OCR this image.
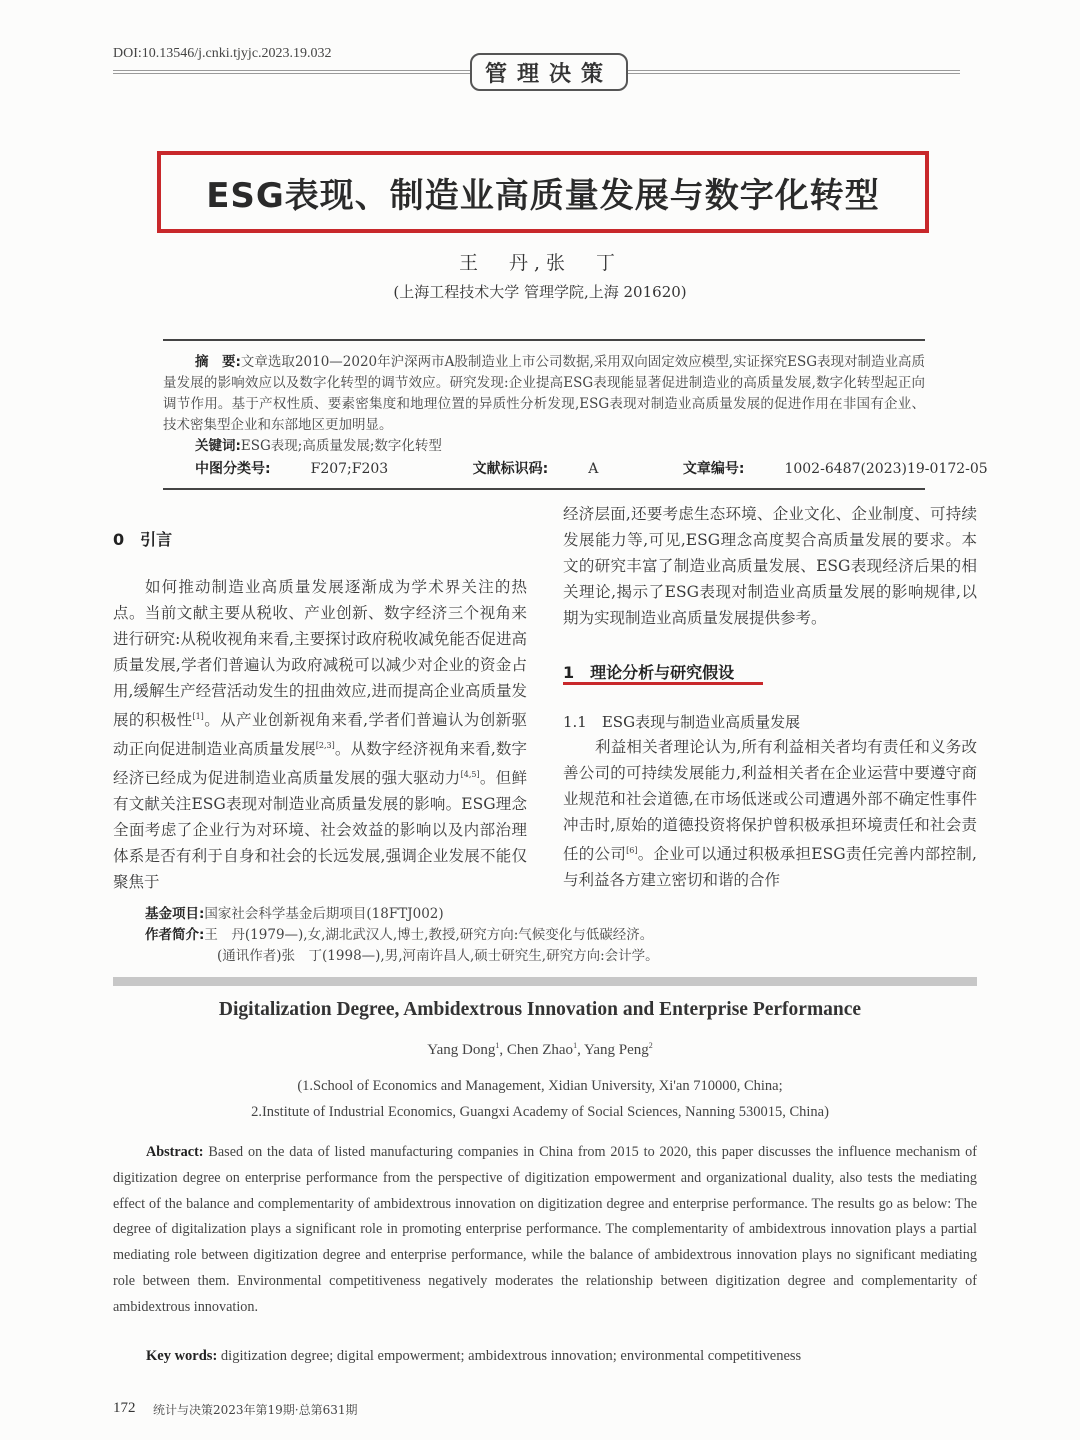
DOI:10.13546/j.cnki.tjyjc.2023.19.032
管理决策
ESG表现、制造业高质量发展与数字化转型
王　丹,张　丁
(上海工程技术大学 管理学院,上海 201620)

摘　要:文章选取2010—2020年沪深两市A股制造业上市公司数据,采用双向固定效应模型,实证探究ESG表现对制造业高质量发展的影响效应以及数字化转型的调节效应。研究发现:企业提高ESG表现能显著促进制造业的高质量发展,数字化转型起正向调节作用。基于产权性质、要素密集度和地理位置的异质性分析发现,ESG表现对制造业高质量发展的促进作用在非国有企业、技术密集型企业和东部地区更加明显。

关键词:ESG表现;高质量发展;数字化转型

中图分类号:	F207;F203	文献标识码:	A	文章编号:	1002-6487(2023)19-0172-05
0　引言

如何推动制造业高质量发展逐渐成为学术界关注的热点。当前文献主要从税收、产业创新、数字经济三个视角来进行研究:从税收视角来看,主要探讨政府税收减免能否促进高质量发展,学者们普遍认为政府减税可以减少对企业的资金占用,缓解生产经营活动发生的扭曲效应,进而提高企业高质量发展的积极性[1]。从产业创新视角来看,学者们普遍认为创新驱动正向促进制造业高质量发展[2,3]。从数字经济视角来看,数字经济已经成为促进制造业高质量发展的强大驱动力[4,5]。但鲜有文献关注ESG表现对制造业高质量发展的影响。ESG理念全面考虑了企业行为对环境、社会效益的影响以及内部治理体系是否有利于自身和社会的长远发展,强调企业发展不能仅聚焦于

经济层面,还要考虑生态环境、企业文化、企业制度、可持续发展能力等,可见,ESG理念高度契合高质量发展的要求。本文的研究丰富了制造业高质量发展、ESG表现经济后果的相关理论,揭示了ESG表现对制造业高质量发展的影响规律,以期为实现制造业高质量发展提供参考。

1　理论分析与研究假设
1.1　ESG表现与制造业高质量发展

利益相关者理论认为,所有利益相关者均有责任和义务改善公司的可持续发展能力,利益相关者在企业运营中要遵守商业规范和社会道德,在市场低迷或公司遭遇外部不确定性事件冲击时,原始的道德投资将保护曾积极承担环境责任和社会责任的公司[6]。企业可以通过积极承担ESG责任完善内部控制,与利益各方建立密切和谐的合作

基金项目:国家社会科学基金后期项目(18FTJ002)
作者简介:王　丹(1979—),女,湖北武汉人,博士,教授,研究方向:气候变化与低碳经济。
(通讯作者)张　丁(1998—),男,河南许昌人,硕士研究生,研究方向:会计学。
Digitalization Degree, Ambidextrous Innovation and Enterprise Performance
Yang Dong$^1$, Chen Zhao$^1$, Yang Peng$^2$
(1.School of Economics and Management, Xidian University, Xi'an 710000, China;
2.Institute of Industrial Economics, Guangxi Academy of Social Sciences, Nanning 530015, China)

Abstract: Based on the data of listed manufacturing companies in China from 2015 to 2020, this paper discusses the influence mechanism of digitization degree on enterprise performance from the perspective of digitization empowerment and organizational duality, also tests the mediating effect of the balance and complementarity of ambidextrous innovation on digitization degree and enterprise performance. The results go as below: The degree of digitalization plays a significant role in promoting enterprise performance. The complementarity of ambidextrous innovation plays a partial mediating role between digitization degree and enterprise performance, while the balance of ambidextrous innovation plays no significant mediating role between them. Environmental competitiveness negatively moderates the relationship between digitization degree and complementarity of ambidextrous innovation.

Key words: digitization degree; digital empowerment; ambidextrous innovation; environmental competitiveness
172 统计与决策2023年第19期·总第631期
